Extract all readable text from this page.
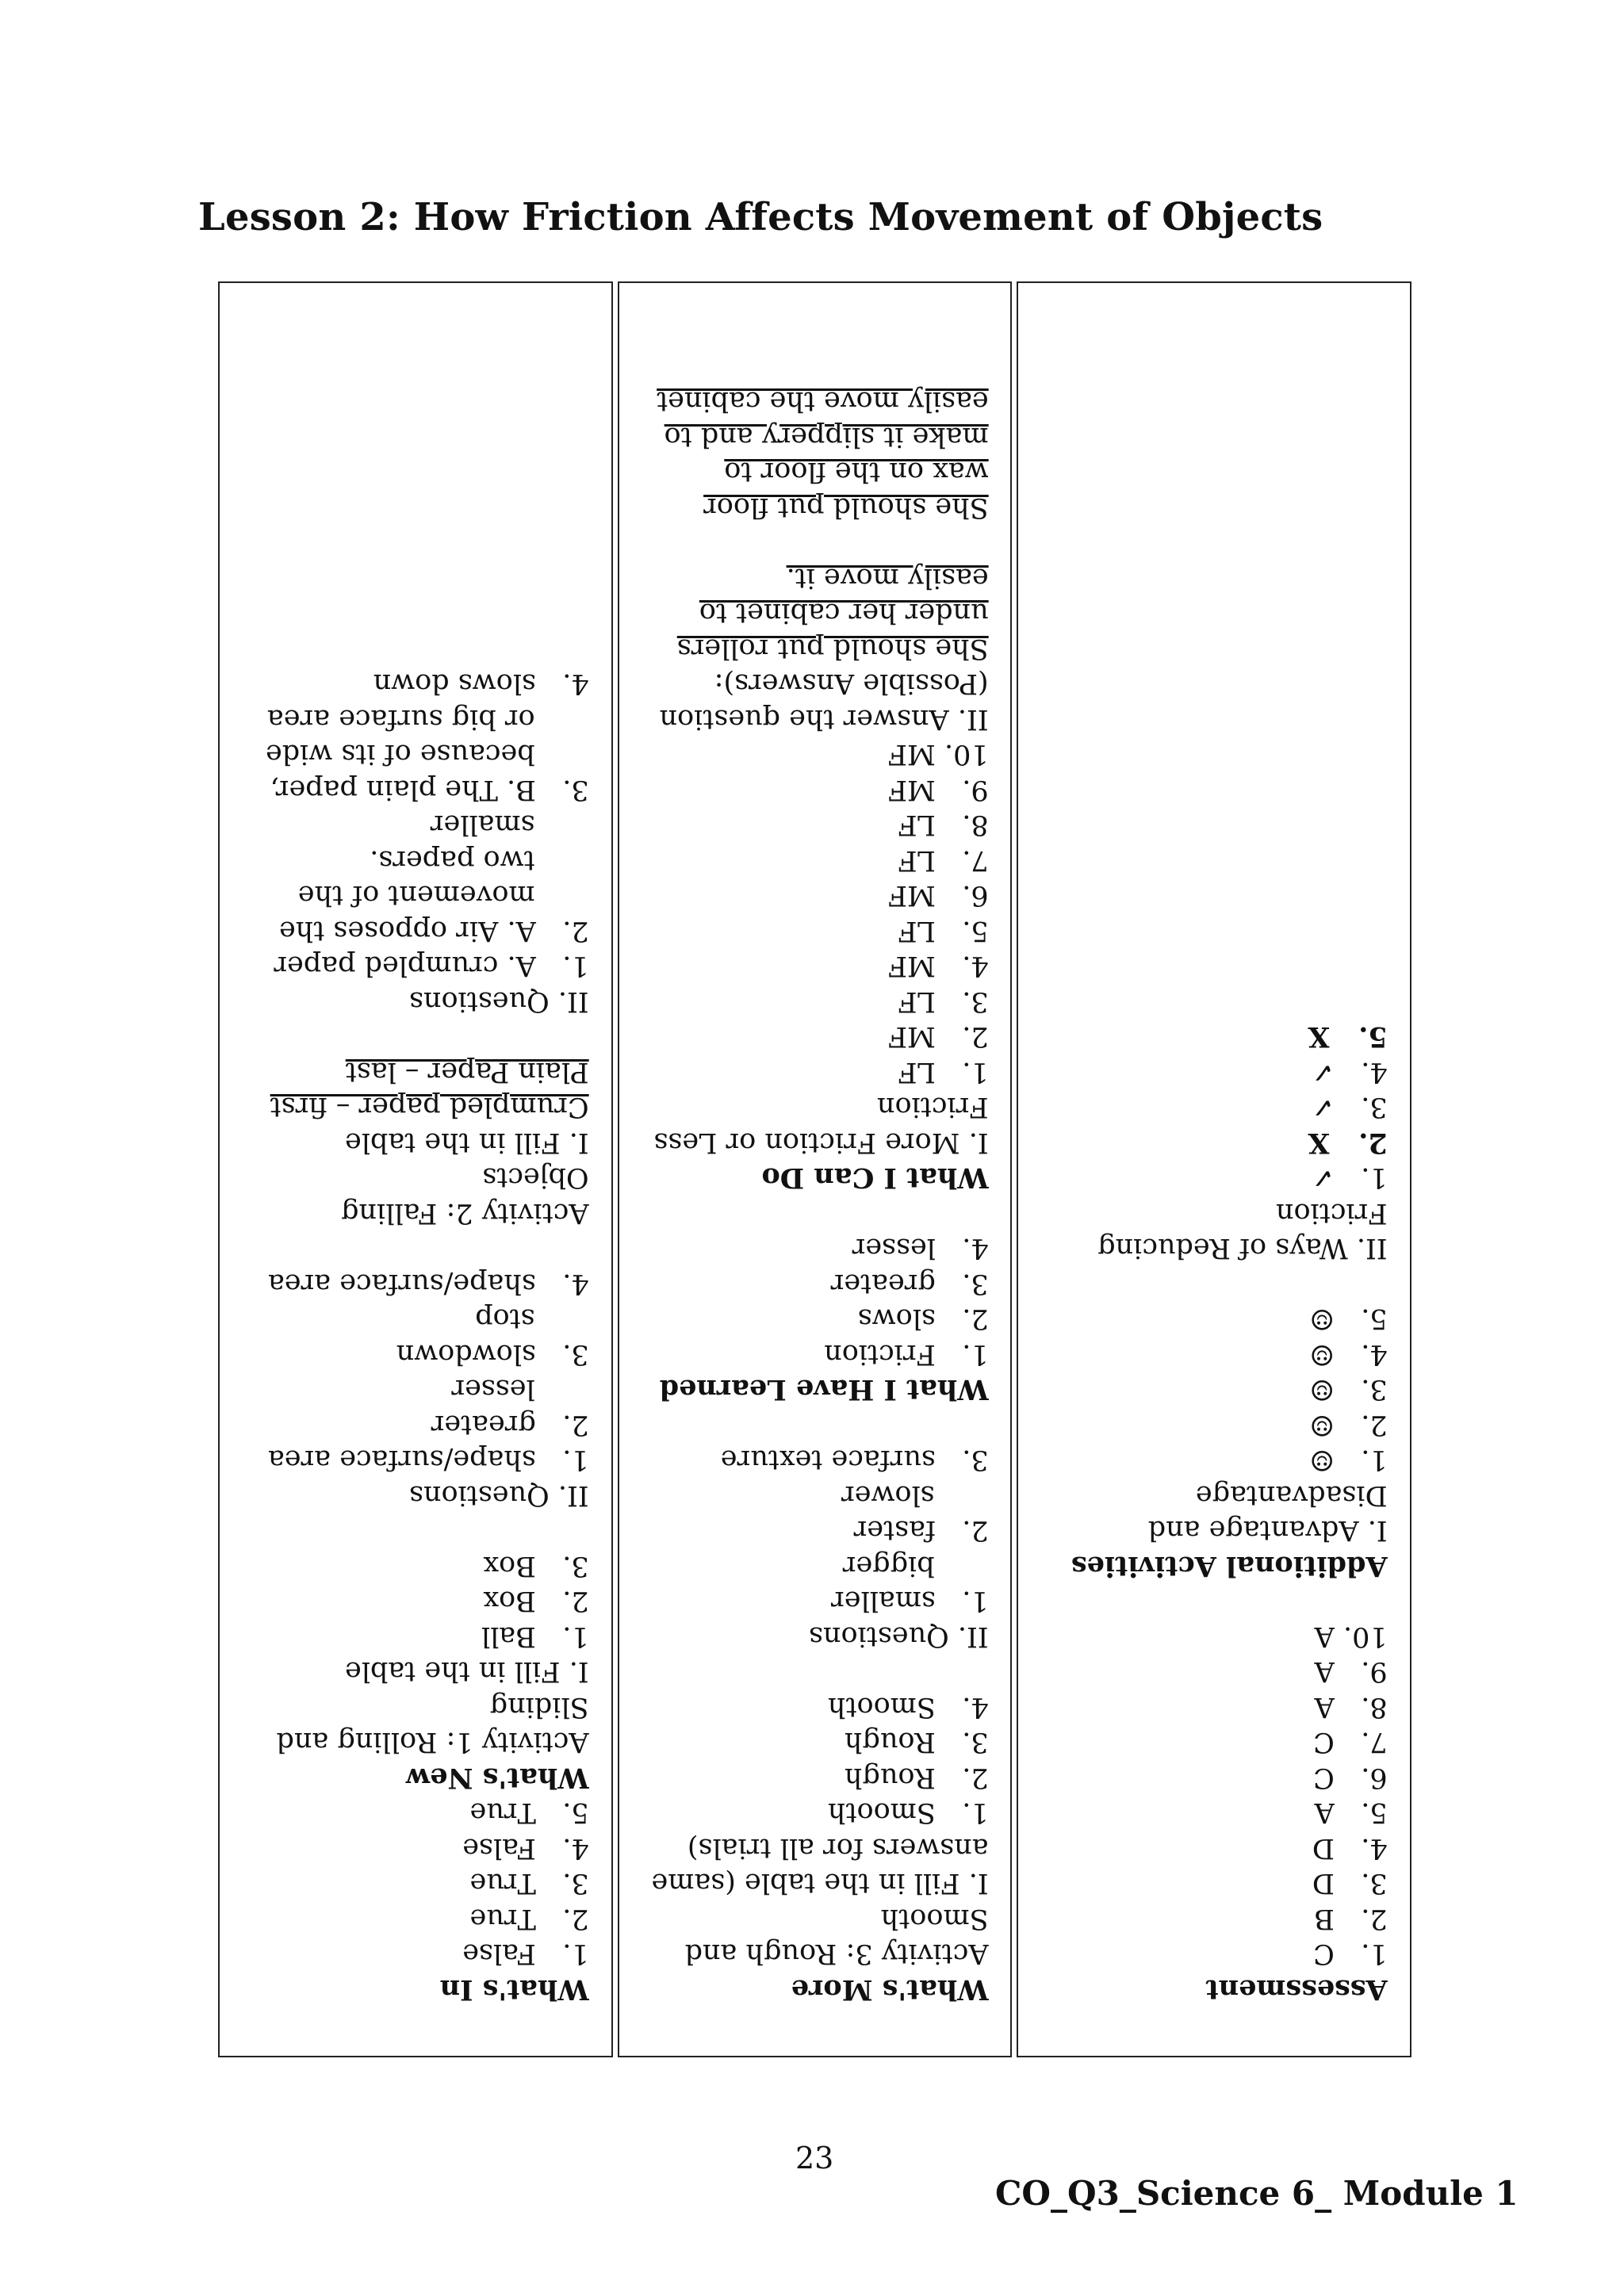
Lesson 2: How Friction Affects Movement of Objects
What's In
1.   False
2.   True
3.   True
4.   False
5.   True
What's New
Activity 1: Rolling and
Sliding
I. Fill in the table
1.   Ball
2.   Box
3.   Box

II. Questions
1.   shape/surface area
2.   greater
lesser
3.   slowdown
stop
4.   shape/surface area

Activity 2: Falling
Objects
I. Fill in the table
Crumpled paper – first
Plain Paper – last

II. Questions
1.   A. crumpled paper
2.   A. Air opposes the
movement of the
two papers.
smaller
3.   B. The plain paper,
because of its wide
or big surface area
4.   slows down
What's More
Activity 3: Rough and
Smooth
I. Fill in the table (same
answers for all trials)
1.   Smooth
2.   Rough
3.   Rough
4.   Smooth

II. Questions
1.   smaller
bigger
2.   faster
slower
3.   surface texture

What I Have Learned
1.   Friction
2.   slows
3.   greater
4.   lesser

What I Can Do
I. More Friction or Less
Friction
1.   LF
2.   MF
3.   LF
4.   MF
5.   LF
6.   MF
7.   LF
8.   LF
9.   MF
10. MF
II. Answer the question
(Possible Answers):
She should put rollers
under her cabinet to
easily move it.

She should put floor
wax on the floor to
make it slippery and to
easily move the cabinet
Assessment
1.   C
2.   B
3.   D
4.   D
5.   A
6.   C
7.   C
8.   A
9.   A
10. A

Additional Activities
I. Advantage and
Disadvantage
1.   ☺
2.   ☺
3.   ☺
4.   ☺
5.   ☺

II. Ways of Reducing
Friction
1.   ✓
2.   X
3.   ✓
4.   ✓
5.   X
23
CO_Q3_Science 6_ Module 1
